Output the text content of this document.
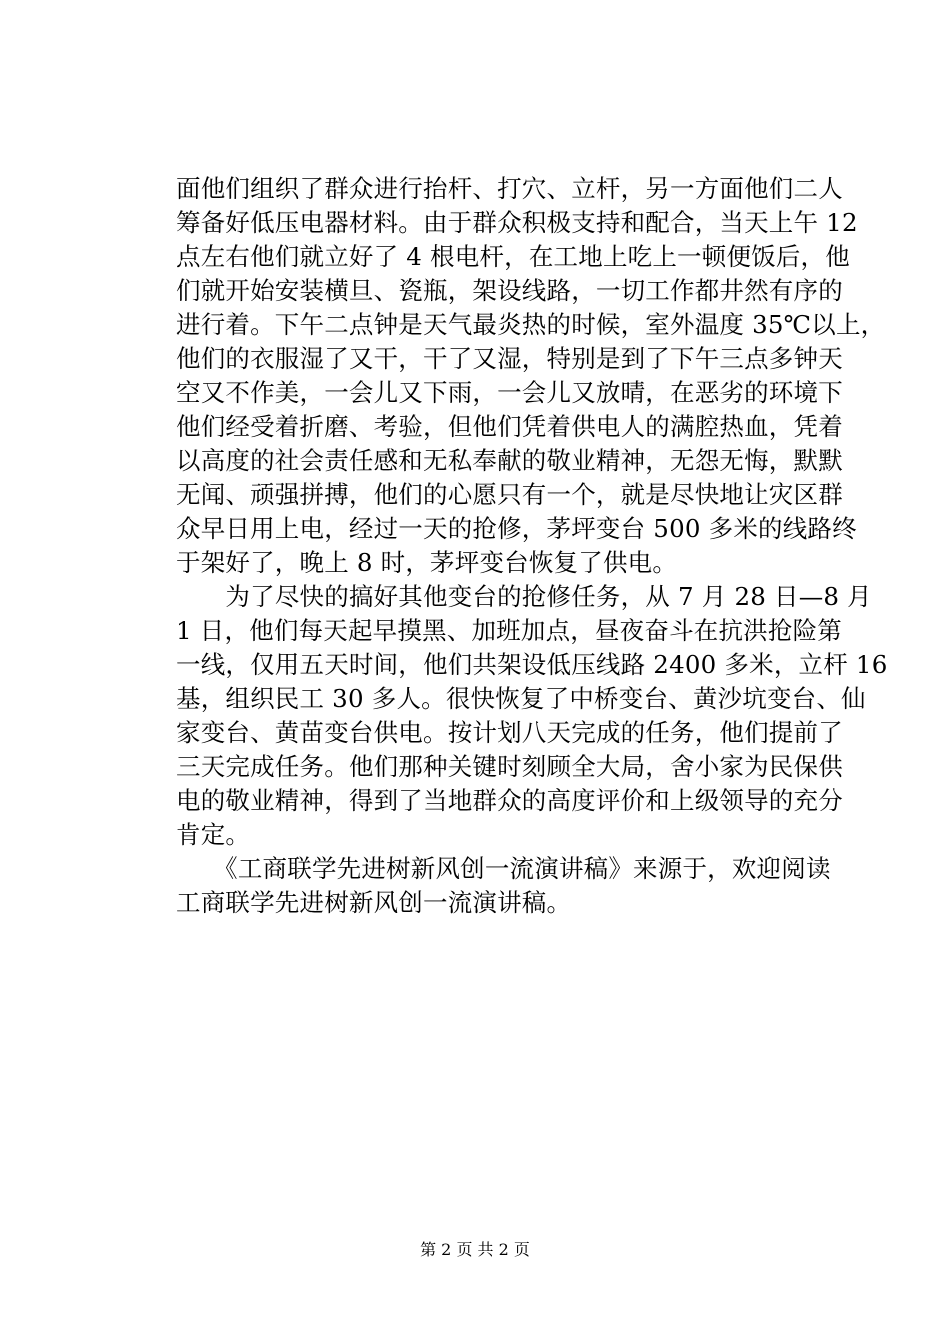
面他们组织了群众进行抬杆、打穴、立杆，另一方面他们二人
筹备好低压电器材料。由于群众积极支持和配合，当天上午 12
点左右他们就立好了 4 根电杆，在工地上吃上一顿便饭后，他
们就开始安装横旦、瓷瓶，架设线路，一切工作都井然有序的
进行着。下午二点钟是天气最炎热的时候，室外温度 35℃以上，
他们的衣服湿了又干，干了又湿，特别是到了下午三点多钟天
空又不作美，一会儿又下雨，一会儿又放晴，在恶劣的环境下
他们经受着折磨、考验，但他们凭着供电人的满腔热血，凭着
以高度的社会责任感和无私奉献的敬业精神，无怨无悔，默默
无闻、顽强拼搏，他们的心愿只有一个，就是尽快地让灾区群
众早日用上电，经过一天的抢修，茅坪变台 500 多米的线路终
于架好了，晚上 8 时，茅坪变台恢复了供电。
　　为了尽快的搞好其他变台的抢修任务，从 7 月 28 日—8 月
1 日，他们每天起早摸黑、加班加点，昼夜奋斗在抗洪抢险第
一线，仅用五天时间，他们共架设低压线路 2400 多米，立杆 16
基，组织民工 30 多人。很快恢复了中桥变台、黄沙坑变台、仙
家变台、黄苗变台供电。按计划八天完成的任务，他们提前了
三天完成任务。他们那种关键时刻顾全大局，舍小家为民保供
电的敬业精神，得到了当地群众的高度评价和上级领导的充分
肯定。
　　《工商联学先进树新风创一流演讲稿》来源于，欢迎阅读
工商联学先进树新风创一流演讲稿。
第 2 页 共 2 页
